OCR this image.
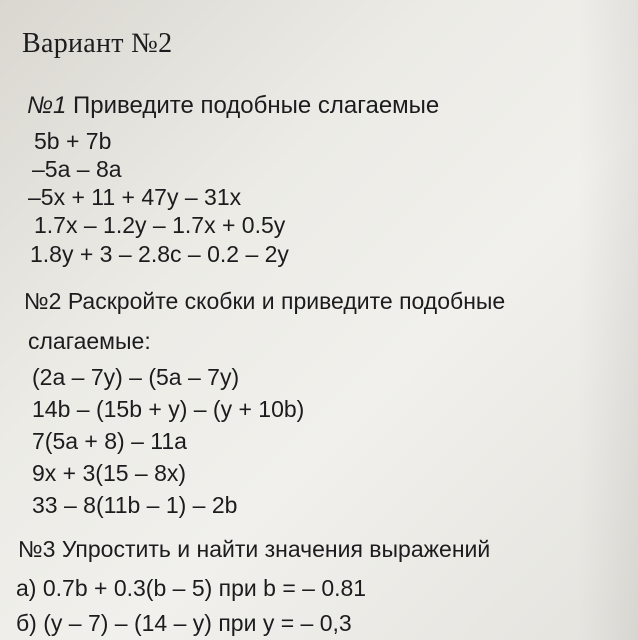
Вариант №2
№1 Приведите подобные слагаемые
5b + 7b
–5a – 8a
–5x + 11 + 47y – 31x
1.7x – 1.2y – 1.7x + 0.5y
1.8y + 3 – 2.8c – 0.2 – 2y
№2 Раскройте скобки и приведите подобные
слагаемые:
(2a – 7y) – (5a – 7y)
14b – (15b + y) – (y + 10b)
7(5a + 8) – 11a
9x + 3(15 – 8x)
33 – 8(11b – 1) – 2b
№3 Упростить и найти значения выражений
а) 0.7b + 0.3(b – 5) при b = – 0.81
б) (y – 7) – (14 – y) при y = – 0,3
